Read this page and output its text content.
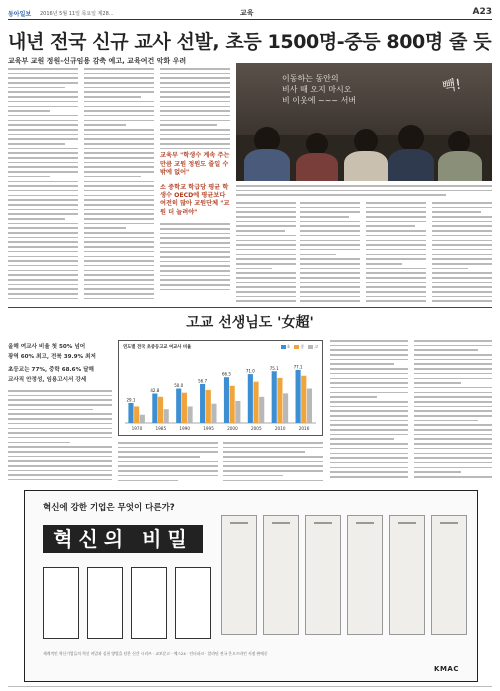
동아일보 2016년 5월 11일 목요일 제28...	교육	A23
내년 전국 신규 교사 선발, 초등 1500명-중등 800명 줄 듯
교육부 교원 정원-신규임용 감축 예고, 교육여건 악화 우려
교육부 "학생수 계속 주는 만큼 교원 정원도 줄일 수밖에 없어"
소 중학교 학급당 평균 학생수 OECD에 평균보다 여전히 많아 교원단체 "교원 더 늘려야"
이동하는 동안의
비사 때 오지 마시오
비 이웃에 ~~~ 서버
빽!
고교 선생님도 '女超'
올해 여교사 비율 첫 50% 넘어
광역 60% 최고, 전북 39.9% 최저
초등교는 77%, 중학 68.6% 달해
교사직 안정성, 임용고시서 강세
연도별 전국 초중등고교 여교사 비율	초	중	고
29.1
1970
42.8
1985
50.0
1990
56.7
1995
66.5
2000
71.0
2005
75.1
2010
77.1
2016
혁신에 강한 기업은 무엇이 다른가?
혁신의 비밀
세계적인 혁신기업들의 혁신 비밀과 실천 방법을 담은 신간 시리즈 · 교보문고 · 예스24 · 인터파크 · 알라딘 전국 온오프라인 서점 판매중
KMAC
